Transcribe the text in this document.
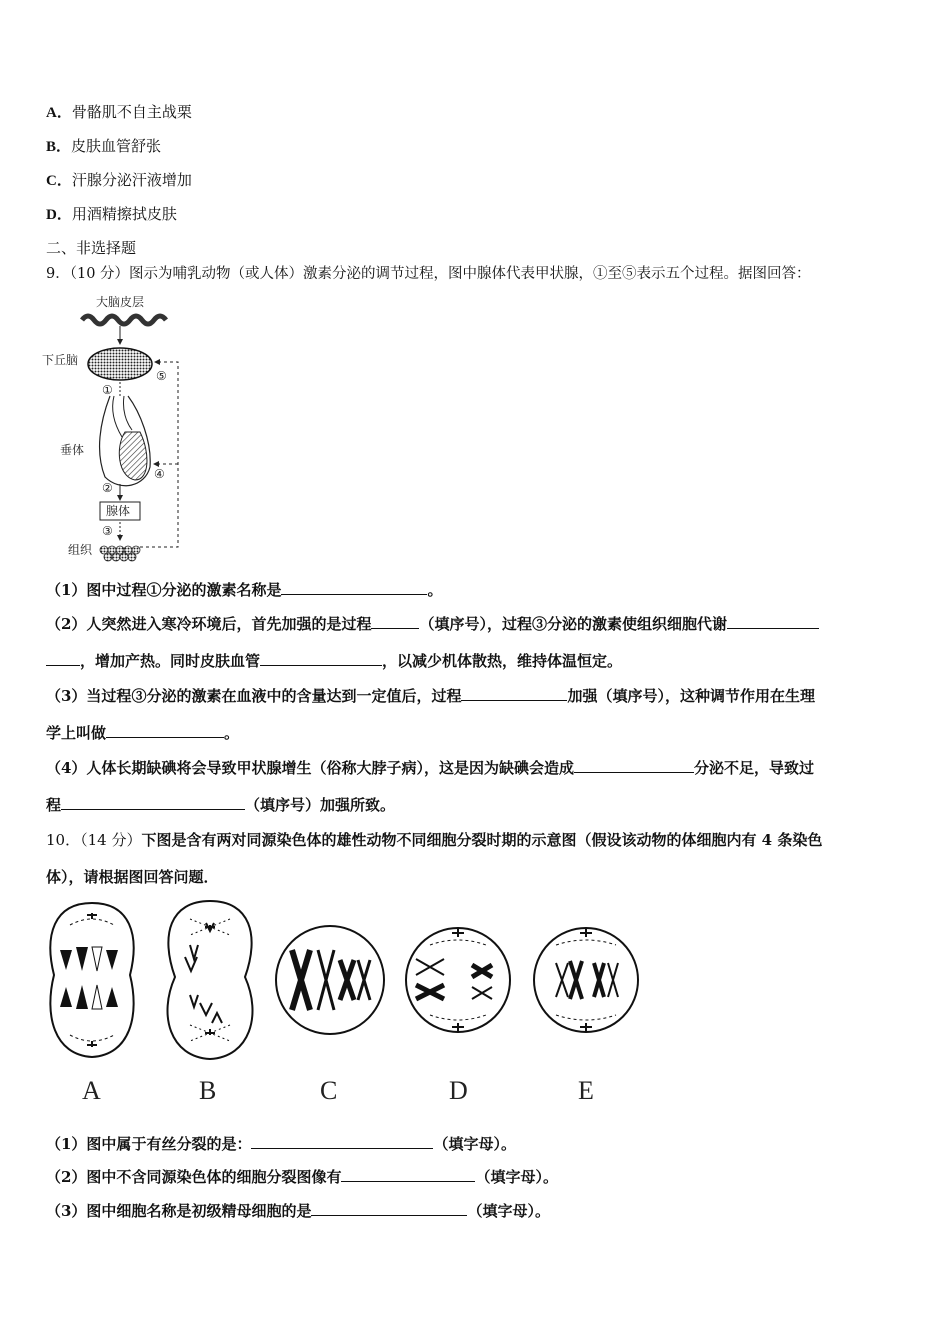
A．骨骼肌不自主战栗
B．皮肤血管舒张
C．汗腺分泌汗液增加
D．用酒精擦拭皮肤
二、非选择题
9．（10 分）图示为哺乳动物（或人体）激素分泌的调节过程，图中腺体代表甲状腺，①至⑤表示五个过程。据图回答：
大脑皮层
下丘脑
①
垂体
②
腺体
③
组织
⑤
④
（1）图中过程①分泌的激素名称是	。
（2）人突然进入寒冷环境后，首先加强的是过程	（填序号），过程③分泌的激素使组织细胞代谢
，增加产热。同时皮肤血管	，以减少机体散热，维持体温恒定。
（3）当过程③分泌的激素在血液中的含量达到一定值后，过程	加强（填序号），这种调节作用在生理
学上叫做	。
（4）人体长期缺碘将会导致甲状腺增生（俗称大脖子病），这是因为缺碘会造成	分泌不足，导致过
程	（填序号）加强所致。
10．（14 分）下图是含有两对同源染色体的雄性动物不同细胞分裂时期的示意图（假设该动物的体细胞内有 4 条染色
体），请根据图回答问题．
A	B	C	D	E
（1）图中属于有丝分裂的是：	（填字母）。
（2）图中不含同源染色体的细胞分裂图像有	（填字母）。
（3）图中细胞名称是初级精母细胞的是	（填字母）。
